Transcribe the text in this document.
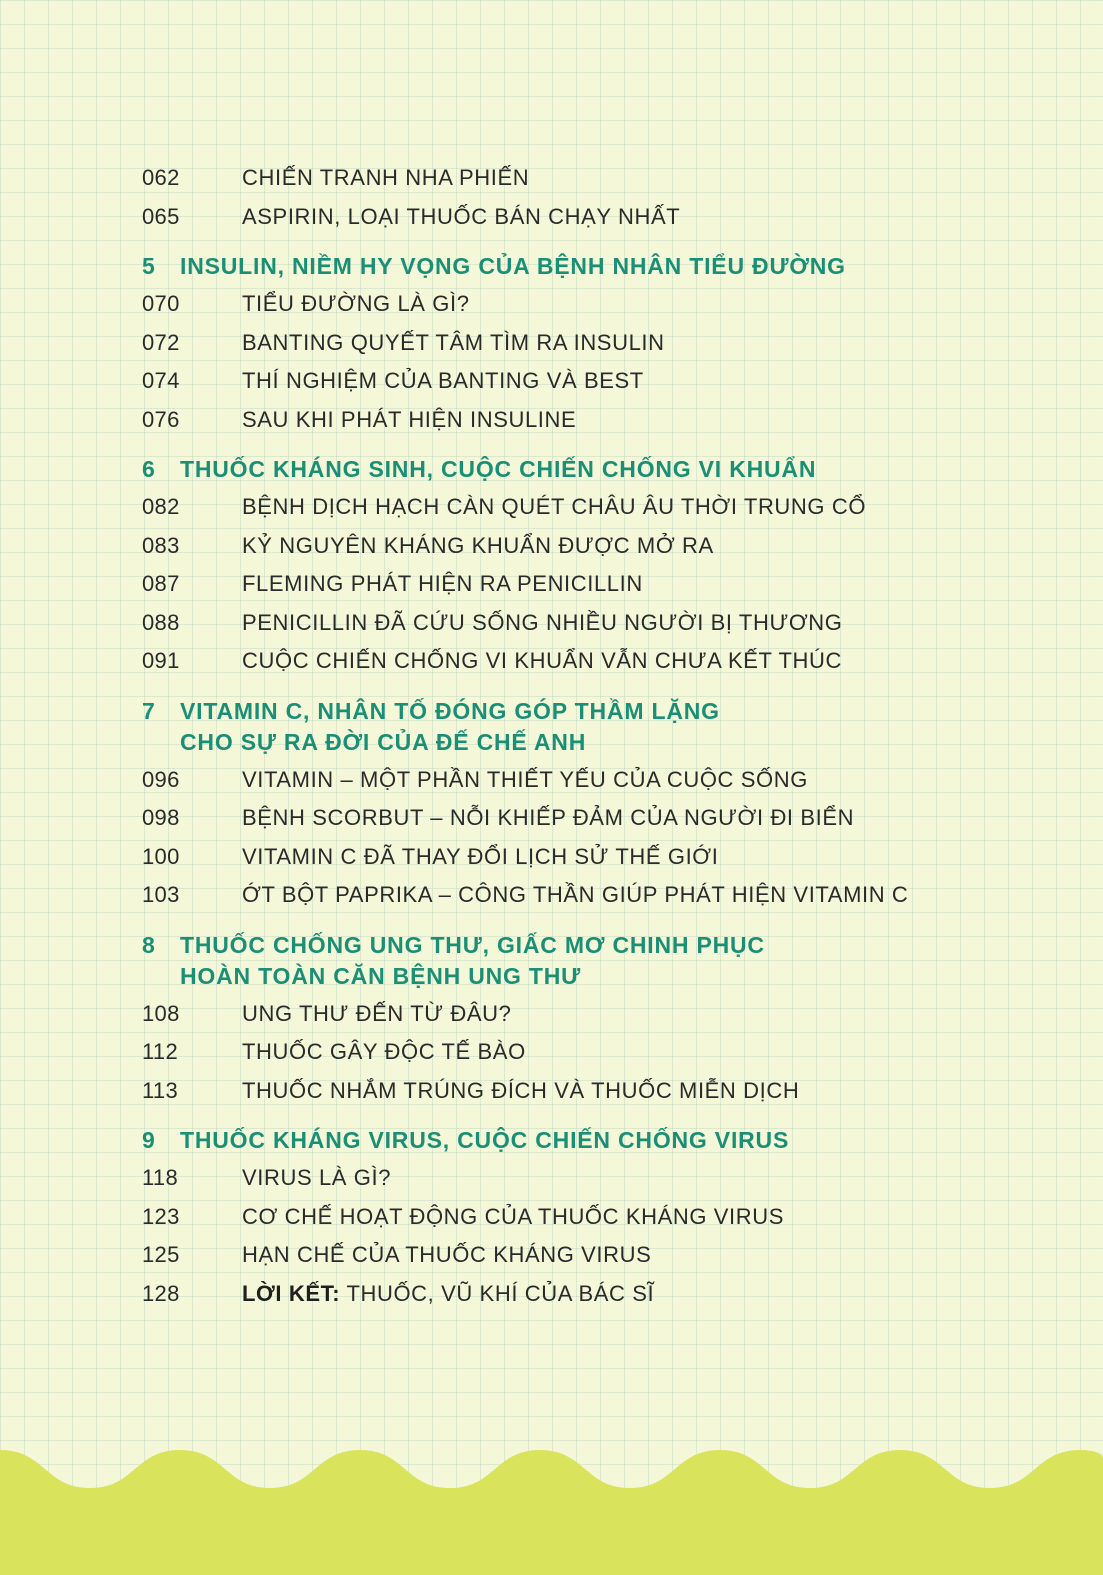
062	CHIẾN TRANH NHA PHIẾN
065	ASPIRIN, LOẠI THUỐC BÁN CHẠY NHẤT
5	INSULIN, NIỀM HY VỌNG CỦA BỆNH NHÂN TIỂU ĐƯỜNG
070	TIỂU ĐƯỜNG LÀ GÌ?
072	BANTING QUYẾT TÂM TÌM RA INSULIN
074	THÍ NGHIỆM CỦA BANTING VÀ BEST
076	SAU KHI PHÁT HIỆN INSULINE
6	THUỐC KHÁNG SINH, CUỘC CHIẾN CHỐNG VI KHUẨN
082	BỆNH DỊCH HẠCH CÀN QUÉT CHÂU ÂU THỜI TRUNG CỔ
083	KỶ NGUYÊN KHÁNG KHUẨN ĐƯỢC MỞ RA
087	FLEMING PHÁT HIỆN RA PENICILLIN
088	PENICILLIN ĐÃ CỨU SỐNG NHIỀU NGƯỜI BỊ THƯƠNG
091	CUỘC CHIẾN CHỐNG VI KHUẨN VẪN CHƯA KẾT THÚC
7	VITAMIN C, NHÂN TỐ ĐÓNG GÓP THẦM LẶNG
CHO SỰ RA ĐỜI CỦA ĐẾ CHẾ ANH
096	VITAMIN – MỘT PHẦN THIẾT YẾU CỦA CUỘC SỐNG
098	BỆNH SCORBUT – NỖI KHIẾP ĐẢM CỦA NGƯỜI ĐI BIỂN
100	VITAMIN C ĐÃ THAY ĐỔI LỊCH SỬ THẾ GIỚI
103	ỚT BỘT PAPRIKA – CÔNG THẦN GIÚP PHÁT HIỆN VITAMIN C
8	THUỐC CHỐNG UNG THƯ, GIẤC MƠ CHINH PHỤC
HOÀN TOÀN CĂN BỆNH UNG THƯ
108	UNG THƯ ĐẾN TỪ ĐÂU?
112	THUỐC GÂY ĐỘC TẾ BÀO
113	THUỐC NHẮM TRÚNG ĐÍCH VÀ THUỐC MIỄN DỊCH
9	THUỐC KHÁNG VIRUS, CUỘC CHIẾN CHỐNG VIRUS
118	VIRUS LÀ GÌ?
123	CƠ CHẾ HOẠT ĐỘNG CỦA THUỐC KHÁNG VIRUS
125	HẠN CHẾ CỦA THUỐC KHÁNG VIRUS
128	LỜI KẾT: THUỐC, VŨ KHÍ CỦA BÁC SĨ
